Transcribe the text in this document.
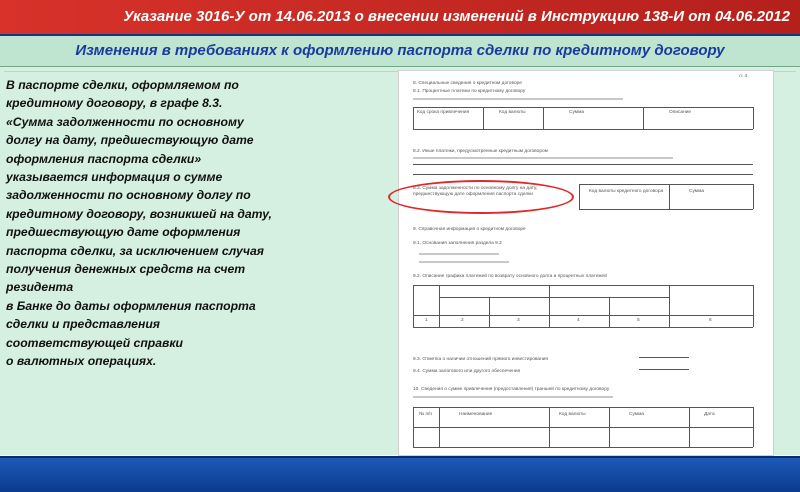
Указание 3016-У от 14.06.2013 о внесении изменений в Инструкцию 138-И от 04.06.2012
Изменения в требованиях к оформлению паспорта сделки по кредитному договору
В паспорте сделки, оформляемом по
кредитному договору, в графе 8.3.
«Сумма задолженности по основному
долгу на дату, предшествующую дате
оформления паспорта сделки»
указывается информация о сумме
задолженности по основному долгу по
кредитному договору, возникшей на дату,
предшествующую дате оформления
паспорта сделки, за исключением случая
получения денежных средств на счет резидента
в Банке до даты оформления паспорта
сделки и представления
соответствующей справки
о валютных операциях.
л. 4
8. Специальные сведения о кредитном договоре
8.1. Процентные платежи по кредитному договору
Код срока привлечения	Код валюты	Сумма	Описание
8.2. Иные платежи, предусмотренные кредитным договором
8.3. Сумма задолженности по основному долгу на дату, предшествующую дате оформления паспорта сделки
Код валюты кредитного договора	Сумма
9. Справочная информация о кредитном договоре
9.1. Основания заполнения раздела 9.2
9.2. Описание графика платежей по возврату основного долга и процентных платежей
1	2	3	4	5	6
9.3. Отметка о наличии отношений прямого инвестирования
9.4. Сумма залогового или другого обеспечения
10. Сведения о сумме привлечения (предоставления) траншей по кредитному договору
№ п/п	Наименование	Код валюты	Сумма	Дата
